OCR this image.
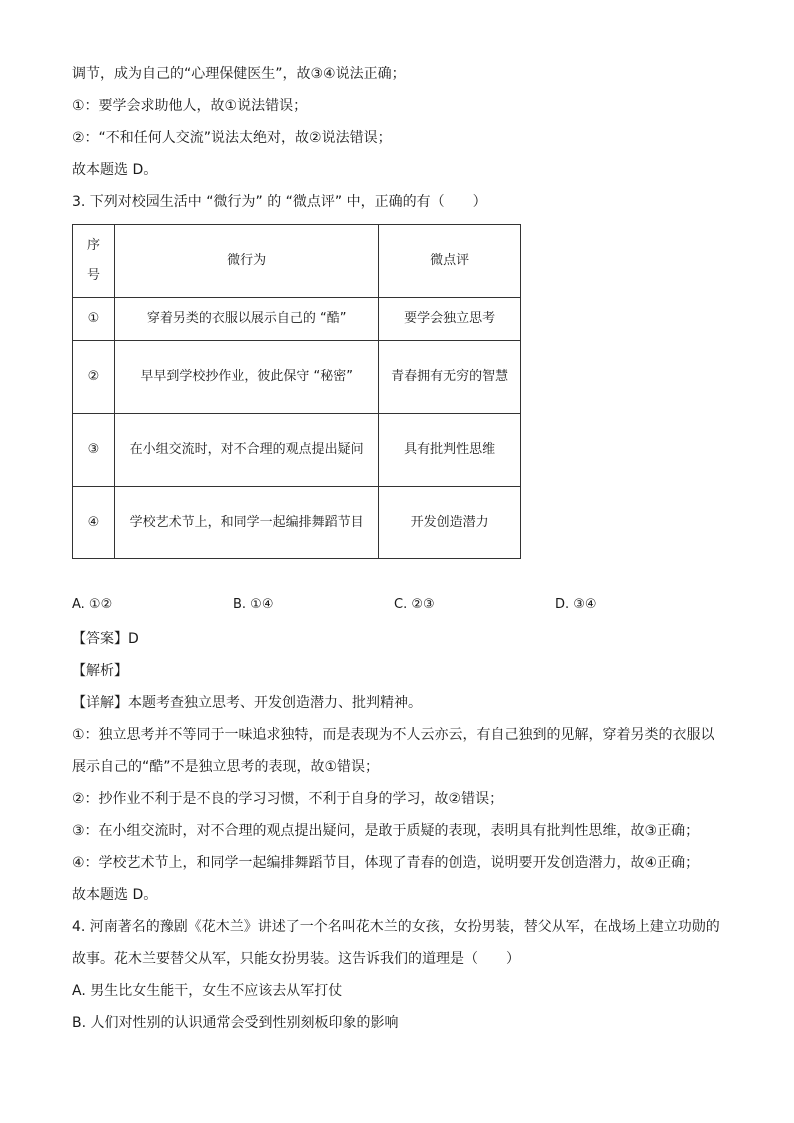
调节，成为自己的“心理保健医生”，故③④说法正确；
①：要学会求助他人，故①说法错误；
②：“不和任何人交流”说法太绝对，故②说法错误；
故本题选 D。
3. 下列对校园生活中 “微行为” 的 “微点评” 中，正确的有（　　）
序号	微行为	微点评
①	穿着另类的衣服以展示自己的 “酷”	要学会独立思考
②	早早到学校抄作业，彼此保守 “秘密”	青春拥有无穷的智慧
③	在小组交流时，对不合理的观点提出疑问	具有批判性思维
④	学校艺术节上，和同学一起编排舞蹈节目	开发创造潜力
A. ①②	B. ①④	C. ②③	D. ③④
【答案】D
【解析】
【详解】本题考查独立思考、开发创造潜力、批判精神。
①：独立思考并不等同于一味追求独特，而是表现为不人云亦云，有自己独到的见解，穿着另类的衣服以展示自己的“酷”不是独立思考的表现，故①错误；
②：抄作业不利于是不良的学习习惯，不利于自身的学习，故②错误；
③：在小组交流时，对不合理的观点提出疑问，是敢于质疑的表现，表明具有批判性思维，故③正确；
④：学校艺术节上，和同学一起编排舞蹈节目，体现了青春的创造，说明要开发创造潜力，故④正确；
故本题选 D。
4. 河南著名的豫剧《花木兰》讲述了一个名叫花木兰的女孩，女扮男装，替父从军，在战场上建立功勋的故事。花木兰要替父从军，只能女扮男装。这告诉我们的道理是（　　）
A. 男生比女生能干，女生不应该去从军打仗
B. 人们对性别的认识通常会受到性别刻板印象的影响
